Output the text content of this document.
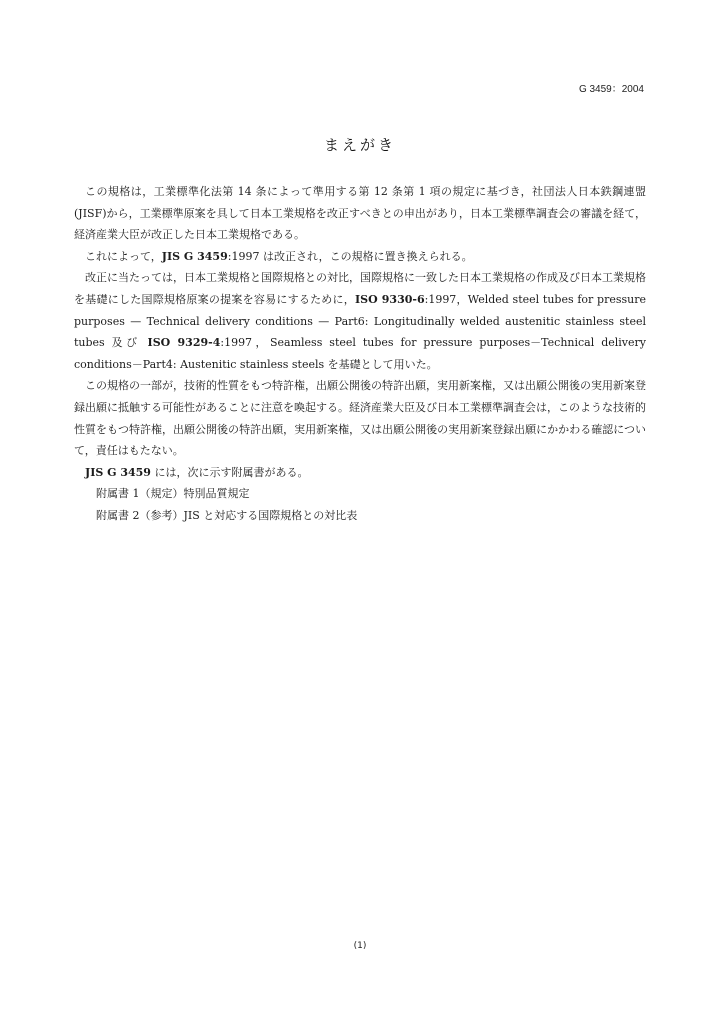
G 3459：2004
まえがき

この規格は，工業標準化法第 14 条によって準用する第 12 条第 1 項の規定に基づき，社団法人日本鉄鋼連盟(JISF)から，工業標準原案を具して日本工業規格を改正すべきとの申出があり，日本工業標準調査会の審議を経て，経済産業大臣が改正した日本工業規格である。

これによって，JIS G 3459:1997 は改正され，この規格に置き換えられる。

改正に当たっては，日本工業規格と国際規格との対比，国際規格に一致した日本工業規格の作成及び日本工業規格を基礎にした国際規格原案の提案を容易にするために，ISO 9330-6:1997，Welded steel tubes for pressure purposes — Technical delivery conditions — Part6: Longitudinally welded austenitic stainless steel tubes 及び ISO 9329-4:1997，Seamless steel tubes for pressure purposes－Technical delivery conditions－Part4: Austenitic stainless steels を基礎として用いた。

この規格の一部が，技術的性質をもつ特許権，出願公開後の特許出願，実用新案権，又は出願公開後の実用新案登録出願に抵触する可能性があることに注意を喚起する。経済産業大臣及び日本工業標準調査会は，このような技術的性質をもつ特許権，出願公開後の特許出願，実用新案権，又は出願公開後の実用新案登録出願にかかわる確認について，責任はもたない。

JIS G 3459 には，次に示す附属書がある。

附属書 1（規定）特別品質規定

附属書 2（参考）JIS と対応する国際規格との対比表

(1)
